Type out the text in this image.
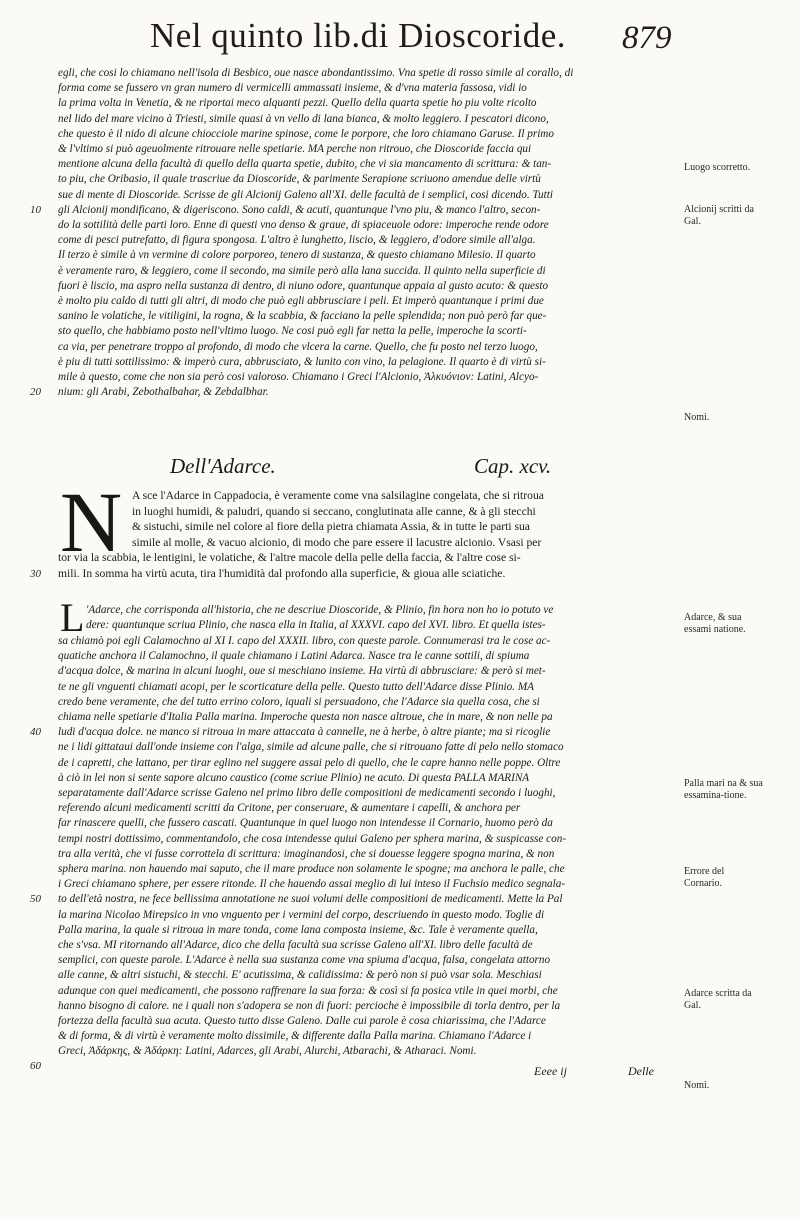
Nel quinto lib.di Dioscoride. 879
egli, che cosi lo chiamano nell'isola di Besbico, oue nasce abondantissimo. Vna spetie di rosso simile al corallo, di
forma come se fussero vn gran numero di vermicelli ammassati insieme, & d'vna materia fassosa, vidi io
la prima volta in Venetia, & ne riportai meco alquanti pezzi. Quello della quarta spetie ho piu volte ricolto
nel lido del mare vicino à Triesti, simile quasi à vn vello di lana bianca, & molto leggiero. I pescatori dicono,
che questo è il nido di alcune chiocciole marine spinose, come le porpore, che loro chiamano Garuse. Il primo
& l'vltimo si può ageuolmente ritrouare nelle spetiarie. MA perche non ritrouo, che Dioscoride faccia qui
mentione alcuna della facultà di quello della quarta spetie, dubito, che vi sia mancamento di scrittura: & tan-
to piu, che Oribasio, il quale trascriue da Dioscoride, & parimente Serapione scriuono amendue delle virtù
sue di mente di Dioscoride. Scrisse de gli Alcionij Galeno all'XI. delle facultà de i semplici, cosi dicendo. Tutti
gli Alcionij mondificano, & digeriscono. Sono caldi, & acuti, quantunque l'vno piu, & manco l'altro, secon-
do la sottilità delle parti loro. Enne di questi vno denso & graue, di spiaceuole odore: imperoche rende odore
come di pesci putrefatto, di figura spongosa. L'altro è lunghetto, liscio, & leggiero, d'odore simile all'alga.
Il terzo è simile à vn vermine di colore porporeo, tenero di sustanza, & questo chiamano Milesio. Il quarto
è veramente raro, & leggiero, come il secondo, ma simile però alla lana succida. Il quinto nella superficie di
fuori è liscio, ma aspro nella sustanza di dentro, di niuno odore, quantunque appaia al gusto acuto: & questo
è molto piu caldo di tutti gli altri, di modo che può egli abbrusciare i peli. Et imperò quantunque i primi due
sanino le volatiche, le vitiligini, la rogna, & la scabbia, & facciano la pelle splendida; non può però far que-
sto quello, che habbiamo posto nell'vltimo luogo. Ne cosi può egli far netta la pelle, imperoche la scorti-
ca via, per penetrare troppo al profondo, di modo che vlcera la carne. Quello, che fu posto nel terzo luogo,
è piu di tutti sottilissimo: & imperò cura, abbrusciato, & lunito con vino, la pelagione. Il quarto è di virtù si-
mile à questo, come che non sia però cosi valoroso. Chiamano i Greci l'Alcionio, Ἀλκυόνιον: Latini, Alcyo-
nium: gli Arabi, Zebothalbahar, & Zebdalbhar.
10
20
Dell'Adarce.	Cap. xcv.
N A sce l'Adarce in Cappadocia, è veramente come vna salsilagine congelata, che si ritroua
in luoghi humidi, & paludri, quando si seccano, conglutinata alle canne, & à gli stecchi
& sistuchi, simile nel colore al fiore della pietra chiamata Assia, & in tutte le parti sua
simile al molle, & vacuo alcionio, di modo che pare essere il lacustre alcionio. Vsasi per
tor via la scabbia, le lentigini, le volatiche, & l'altre macole della pelle della faccia, & l'altre cose si-
mili. In somma ha virtù acuta, tira l'humidità dal profondo alla superficie, & gioua alle sciatiche.
L 'Adarce, che corrisponda all'historia, che ne descriue Dioscoride, & Plinio, fin hora non ho io potuto ve
dere: quantunque scriua Plinio, che nasca ella in Italia, al XXXVI. capo del XVI. libro. Et quella istes-
sa chiamò poi egli Calamochno al XI I. capo del XXXII. libro, con queste parole. Connumerasi tra le cose ac-
quatiche anchora il Calamochno, il quale chiamano i Latini Adarca. Nasce tra le canne sottili, di spiuma
d'acqua dolce, & marina in alcuni luoghi, oue si meschiano insieme. Ha virtù di abbrusciare: & però si met-
te ne gli vnguenti chiamati acopi, per le scorticature della pelle. Questo tutto dell'Adarce disse Plinio. MA
credo bene veramente, che del tutto errino coloro, iquali si persuadono, che l'Adarce sia quella cosa, che si
chiama nelle spetiarie d'Italia Palla marina. Imperoche questa non nasce altroue, che in mare, & non nelle pa
ludi d'acqua dolce. ne manco si ritroua in mare attaccata à cannelle, ne à herbe, ò altre piante; ma si ricoglie
ne i lidi gittataui dall'onde insieme con l'alga, simile ad alcune palle, che si ritrouano fatte di pelo nello stomaco
de i capretti, che lattano, per tirar eglino nel suggere assai pelo di quello, che le capre hanno nelle poppe. Oltre
à ciò in lei non si sente sapore alcuno caustico (come scriue Plinio) ne acuto. Di questa PALLA MARINA
separatamente dall'Adarce scrisse Galeno nel primo libro delle compositioni de medicamenti secondo i luoghi,
referendo alcuni medicamenti scritti da Critone, per conseruare, & aumentare i capelli, & anchora per
far rinascere quelli, che fussero cascati. Quantunque in quel luogo non intendesse il Cornario, huomo però da
tempi nostri dottissimo, commentandolo, che cosa intendesse quiui Galeno per sphera marina, & suspicasse con-
tra alla verità, che vi fusse corrottela di scrittura: imaginandosi, che si douesse leggere spogna marina, & non
sphera marina. non hauendo mai saputo, che il mare produce non solamente le spogne; ma anchora le palle, che
i Greci chiamano sphere, per essere ritonde. Il che hauendo assai meglio di lui inteso il Fuchsio medico segnala-
to dell'età nostra, ne fece bellissima annotatione ne suoi volumi delle compositioni de medicamenti. Mette la Pal
la marina Nicolao Mirepsico in vno vnguento per i vermini del corpo, descriuendo in questo modo. Toglie di
Palla marina, la quale si ritroua in mare tonda, come lana composta insieme, &c. Tale è veramente quella,
che s'vsa. MI ritornando all'Adarce, dico che della facultà sua scrisse Galeno all'XI. libro delle facultà de
semplici, con queste parole. L'Adarce è nella sua sustanza come vna spiuma d'acqua, falsa, congelata attorno
alle canne, & altri sistuchi, & stecchi. E' acutissima, & calidissima: & però non si può vsar sola. Meschiasi
adunque con quei medicamenti, che possono raffrenare la sua forza: & così si fa posica vtile in quei morbi, che
hanno bisogno di calore. ne i quali non s'adopera se non di fuori: percioche è impossibile di torla dentro, per la
fortezza della facultà sua acuta. Questo tutto disse Galeno. Dalle cui parole è cosa chiarissima, che l'Adarce
& di forma, & di virtù è veramente molto dissimile, & differente dalla Palla marina. Chiamano l'Adarce i
Greci, Ἀδάρκης, & Ἀδάρκη: Latini, Adarces, gli Arabi, Alurchi, Atbarachi, & Atharaci. Nomi.
30
40
50
60
Luogo scorretto.
Alcionij scritti da Gal.
Nomi.
Adarce, & sua essami natione.
Palla mari na & sua essamina-tione.
Errore del Cornario.
Adarce scritta da Gal.
Nomi.
Eeee ij	Delle
